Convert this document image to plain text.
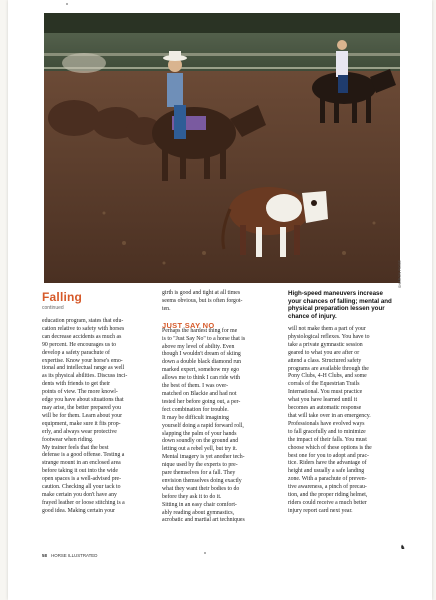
SHARON ROSE
Falling
continued

education program, states that edu-
cation relative to safety with horses
can decrease accidents as much as
90 percent. He encourages us to
develop a safety parachute of
expertise. Know your horse's emo-
tional and intellectual range as well
as its physical abilities. Discuss inci-
dents with friends to get their
points of view. The more knowl-
edge you have about situations that
may arise, the better prepared you
will be for them. Learn about your
equipment, make sure it fits prop-
erly, and always wear protective
footwear when riding.

My trainer feels that the best
defense is a good offense. Testing a
strange mount in an enclosed area
before taking it out into the wide
open spaces is a well-advised pre-
caution. Checking all your tack to
make certain you don't have any
frayed leather or loose stitching is a
good idea. Making certain your

girth is good and tight at all times
seems obvious, but is often forgot-
ten.

Perhaps the hardest thing for me
is to "Just Say No" to a horse that is
above my level of ability. Even
though I wouldn't dream of skiing
down a double black diamond run
marked expert, somehow my ego
allows me to think I can ride with
the best of them. I was over-
matched on Blackie and had not
tested her before going out, a per-
fect combination for trouble.

It may be difficult imagining
yourself doing a rapid forward roll,
slapping the palm of your hands
down soundly on the ground and
letting out a rebel yell, but try it.
Mental imagery is yet another tech-
nique used by the experts to pre-
pare themselves for a fall. They
envision themselves doing exactly
what they want their bodies to do
before they ask it to do it.

Sitting in an easy chair comfort-
ably reading about gymnastics,
acrobatic and martial art techniques

JUST SAY NO
High-speed maneuvers increase
your chances of falling; mental and
physical preparation lessen your
chance of injury.

will not make them a part of your
physiological reflexes. You have to
take a private gymnastic session
geared to what you are after or
attend a class. Structured safety
programs are available through the
Pony Clubs, 4-H Clubs, and some
corrals of the Equestrian Trails
International. You must practice
what you have learned until it
becomes an automatic response
that will take over in an emergency.

Professionals have evolved ways
to fall gracefully and to minimize
the impact of their falls. You must
choose which of these options is the
best one for you to adopt and prac-
tice. Riders have the advantage of
height and usually a safe landing
zone. With a parachute of preven-
tive awareness, a pinch of precau-
tion, and the proper riding helmet,
riders could receive a much better
injury report card next year.

♞
58 HORSE ILLUSTRATED
